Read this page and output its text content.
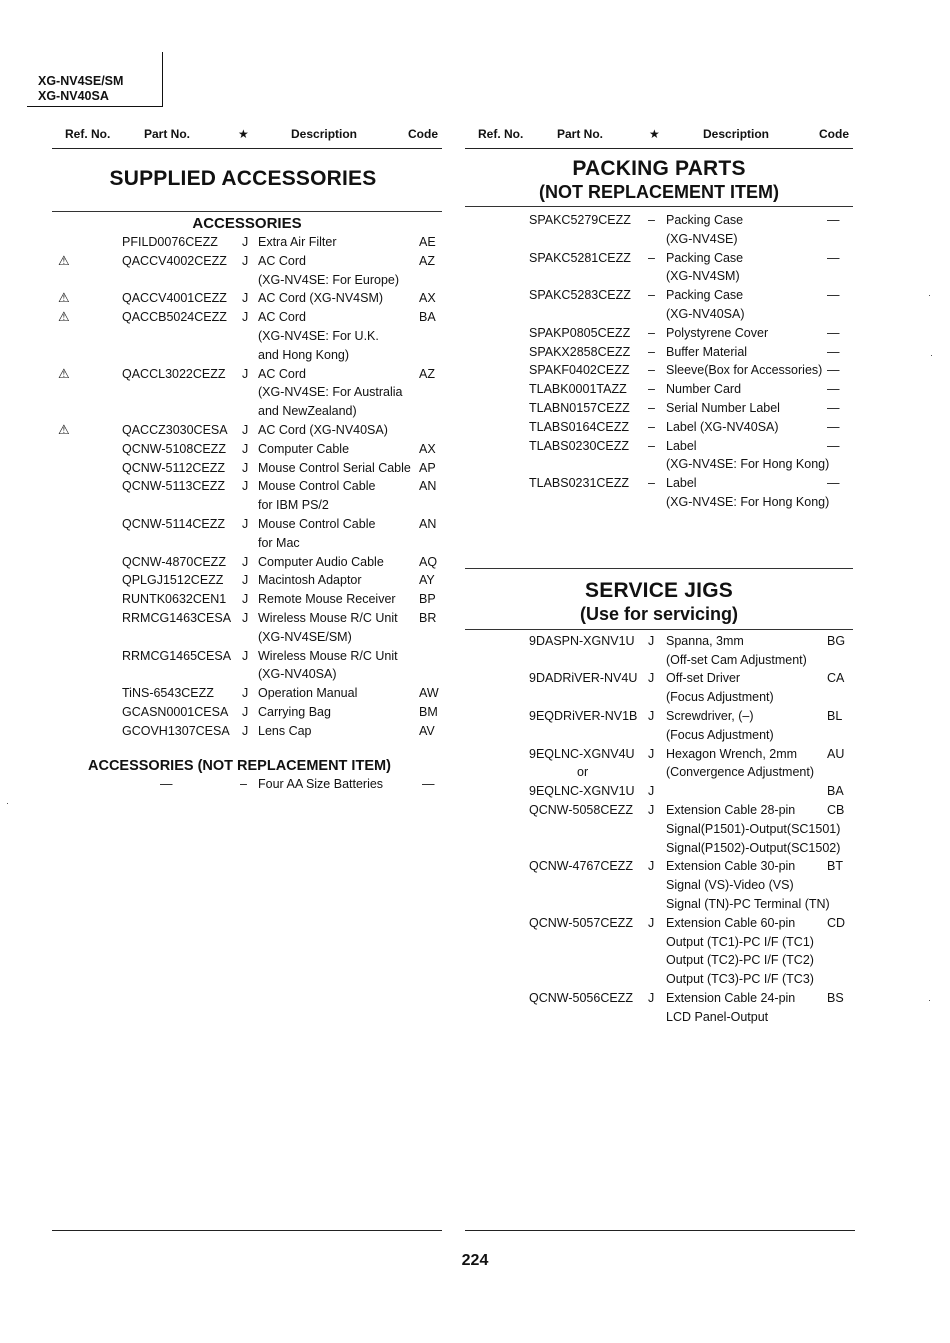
XG-NV4SE/SM
XG-NV40SA
Ref. No.	Part No.	★	Description	Code
SUPPLIED ACCESSORIES
ACCESSORIES
PFILD0076CEZZ J Extra Air Filter	AE
⚠	QACCV4002CEZZ J AC Cord	AZ
(XG-NV4SE: For Europe)
⚠	QACCV4001CEZZ J AC Cord (XG-NV4SM)	AX
⚠	QACCB5024CEZZ J AC Cord	BA
(XG-NV4SE: For U.K.
and Hong Kong)
⚠	QACCL3022CEZZ J AC Cord	AZ
(XG-NV4SE: For Australia
and NewZealand)
⚠	QACCZ3030CESA J AC Cord (XG-NV40SA)
QCNW-5108CEZZ J Computer Cable	AX
QCNW-5112CEZZ J Mouse Control Serial Cable AP
QCNW-5113CEZZ J Mouse Control Cable	AN
for IBM PS/2
QCNW-5114CEZZ J Mouse Control Cable	AN
for Mac
QCNW-4870CEZZ J Computer Audio Cable	AQ
QPLGJ1512CEZZ J Macintosh Adaptor	AY
RUNTK0632CEN1 J Remote Mouse Receiver BP
RRMCG1463CESA J Wireless Mouse R/C Unit BR
(XG-NV4SE/SM)
RRMCG1465CESA J Wireless Mouse R/C Unit
(XG-NV40SA)
TiNS-6543CEZZ J Operation Manual	AW
GCASN0001CESA J Carrying Bag	BM
GCOVH1307CESA J Lens Cap	AV
ACCESSORIES (NOT REPLACEMENT ITEM)
—	– Four AA Size Batteries	—
Ref. No.	Part No.	★	Description	Code
PACKING PARTS
(NOT REPLACEMENT ITEM)
SPAKC5279CEZZ – Packing Case	—
(XG-NV4SE)
SPAKC5281CEZZ – Packing Case	—
(XG-NV4SM)
SPAKC5283CEZZ – Packing Case	—
(XG-NV40SA)
SPAKP0805CEZZ – Polystyrene Cover	—
SPAKX2858CEZZ – Buffer Material	—
SPAKF0402CEZZ – Sleeve(Box for Accessories) —
TLABK0001TAZZ – Number Card	—
TLABN0157CEZZ – Serial Number Label	—
TLABS0164CEZZ – Label (XG-NV40SA)	—
TLABS0230CEZZ – Label	—
(XG-NV4SE: For Hong Kong)
TLABS0231CEZZ – Label	—
(XG-NV4SE: For Hong Kong)
SERVICE JIGS
(Use for servicing)
9DASPN-XGNV1U J Spanna, 3mm	BG
(Off-set Cam Adjustment)
9DADRiVER-NV4U J Off-set Driver	CA
(Focus Adjustment)
9EQDRiVER-NV1B J Screwdriver, (–)	BL
(Focus Adjustment)
9EQLNC-XGNV4U J Hexagon Wrench, 2mm AU
or	(Convergence Adjustment)
9EQLNC-XGNV1U J	BA
QCNW-5058CEZZ J Extension Cable 28-pin	CB
Signal(P1501)-Output(SC1501)
Signal(P1502)-Output(SC1502)
QCNW-4767CEZZ J Extension Cable 30-pin	BT
Signal (VS)-Video (VS)
Signal (TN)-PC Terminal (TN)
QCNW-5057CEZZ J Extension Cable 60-pin	CD
Output (TC1)-PC I/F (TC1)
Output (TC2)-PC I/F (TC2)
Output (TC3)-PC I/F (TC3)
QCNW-5056CEZZ J Extension Cable 24-pin	BS
LCD Panel-Output
224
·
·
·
·
